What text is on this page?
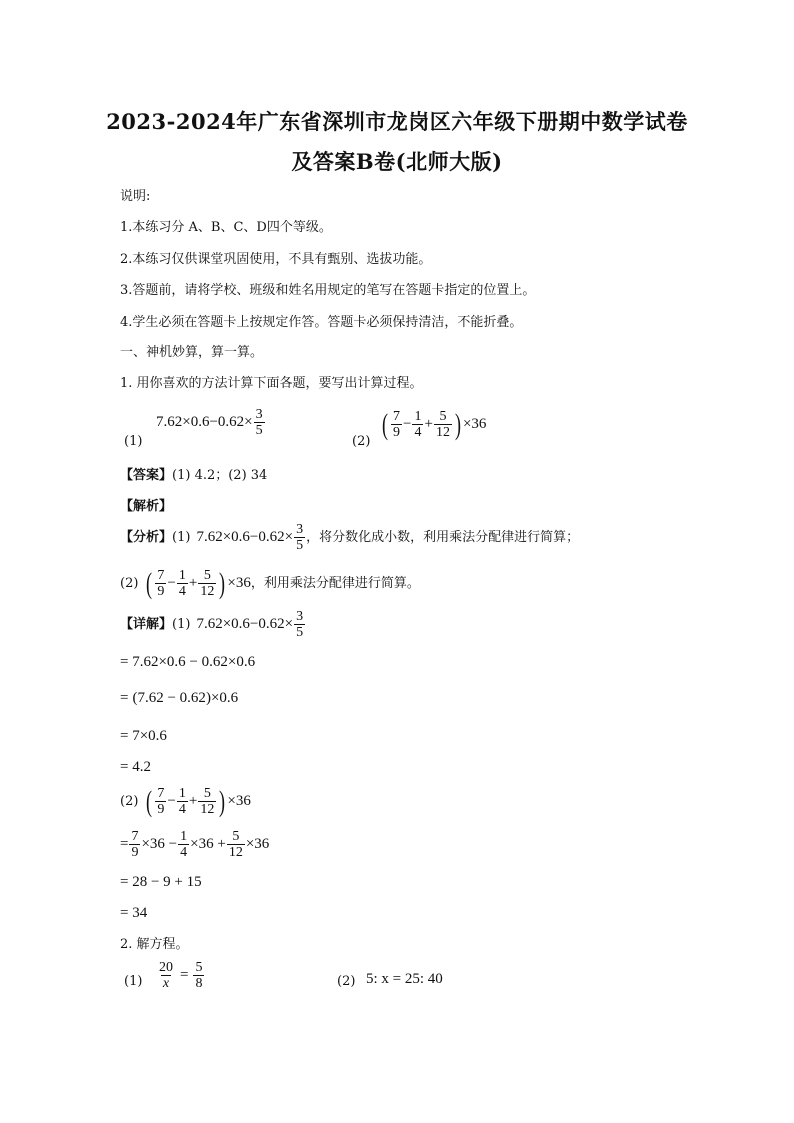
2023-2024年广东省深圳市龙岗区六年级下册期中数学试卷
及答案B卷(北师大版)
说明:
1.本练习分 A、B、C、D四个等级。
2.本练习仅供课堂巩固使用，不具有甄别、选拔功能。
3.答题前，请将学校、班级和姓名用规定的笔写在答题卡指定的位置上。
4.学生必须在答题卡上按规定作答。答题卡必须保持清洁，不能折叠。
一、神机妙算，算一算。
1. 用你喜欢的方法计算下面各题，要写出计算过程。
(1)
$7.62\times 0.6-0.62\times \frac{3}{5}$
(2)
( $\frac{7}{9} - \frac{1}{4} + \frac{5}{12}$ ) ×36
【答案】(1) 4.2；(2) 34
【解析】
【分析】 (1) $7.62\times 0.6-0.62\times \frac{3}{5}$ ，将分数化成小数，利用乘法分配律进行简算；
(2) ( $\frac{7}{9} - \frac{1}{4} + \frac{5}{12}$ ) ×36 ，利用乘法分配律进行简算。
【详解】 (1) $7.62\times 0.6-0.62\times \frac{3}{5}$
= 7.62×0.6 − 0.62×0.6
= ( 7.62 − 0.62 ) ×0.6
= 7×0.6
= 4.2
(2) ( $\frac{7}{9} - \frac{1}{4} + \frac{5}{12}$ ) ×36
= $\frac{7}{9} \times 36 - \frac{1}{4} \times 36 + \frac{5}{12} \times 36$
= 28 − 9 + 15
= 34
2. 解方程。
$(1) \frac{20}{x} = \frac{5}{8}$	(2) 5: x = 25: 40
